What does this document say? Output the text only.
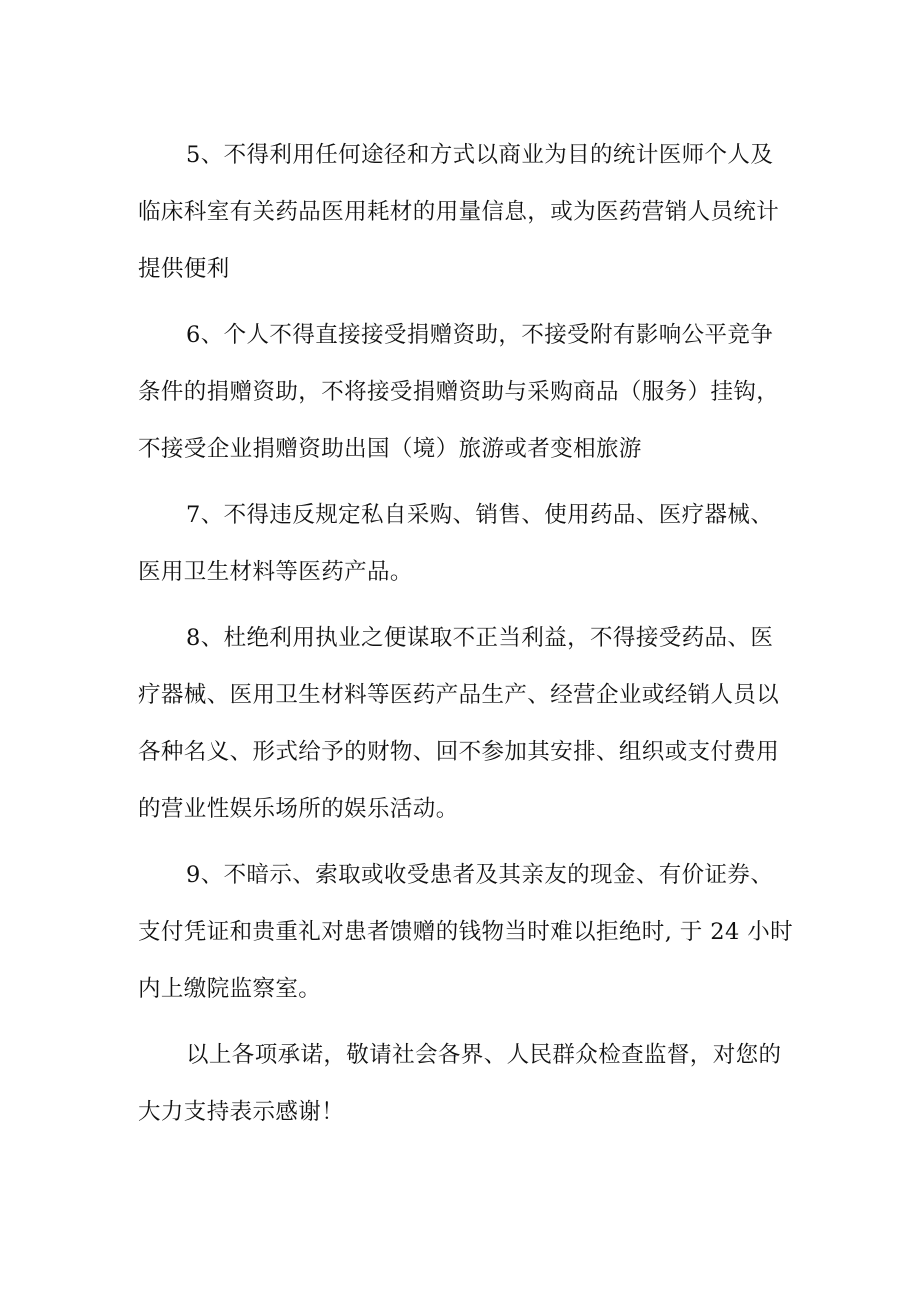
5、不得利用任何途径和方式以商业为目的统计医师个人及
临床科室有关药品医用耗材的用量信息，或为医药营销人员统计
提供便利
6、个人不得直接接受捐赠资助，不接受附有影响公平竞争
条件的捐赠资助，不将接受捐赠资助与采购商品（服务）挂钩，
不接受企业捐赠资助出国（境）旅游或者变相旅游
7、不得违反规定私自采购、销售、使用药品、医疗器械、
医用卫生材料等医药产品。
8、杜绝利用执业之便谋取不正当利益，不得接受药品、医
疗器械、医用卫生材料等医药产品生产、经营企业或经销人员以
各种名义、形式给予的财物、回不参加其安排、组织或支付费用
的营业性娱乐场所的娱乐活动。
9、不暗示、索取或收受患者及其亲友的现金、有价证券、
支付凭证和贵重礼对患者馈赠的钱物当时难以拒绝时, 于 24 小时
内上缴院监察室。
以上各项承诺，敬请社会各界、人民群众检查监督，对您的
大力支持表示感谢！
